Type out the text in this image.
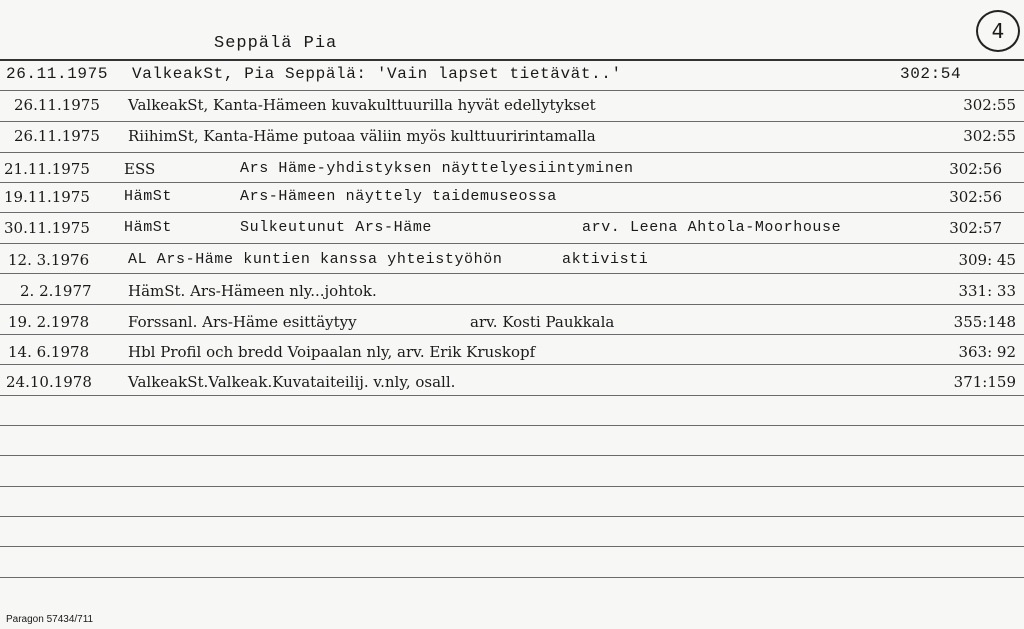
Seppälä Pia
4
26.11.1975 ValkeakSt, Pia Seppälä: 'Vain lapset tietävät..'	302:54
26.11.1975 ValkeakSt, Kanta-Hämeen kuvakulttuurilla hyvät edellytykset	302:55
26.11.1975 RiihimSt, Kanta-Häme putoaa väliin myös kulttuuririntamalla	302:55
21.11.1975 ESS	Ars Häme-yhdistyksen näyttelyesiintyminen	302:56
19.11.1975 HämSt	Ars-Hämeen näyttely taidemuseossa	302:56
30.11.1975 HämSt	Sulkeutunut Ars-Häme	arv. Leena Ahtola-Moorhouse	302:57
12. 3.1976	AL Ars-Häme kuntien kanssa yhteistyöhön	aktivisti	309: 45
2. 2.1977 HämSt. Ars-Hämeen nly...johtok.	331: 33
19. 2.1978	Forssanl. Ars-Häme esittäytyy	arv. Kosti Paukkala	355:148
14. 6.1978	Hbl Profil och bredd Voipaalan nly, arv. Erik Kruskopf	363: 92
24.10.1978 ValkeakSt.Valkeak.Kuvataiteilij. v.nly, osall.	371:159
Paragon 57434/711
